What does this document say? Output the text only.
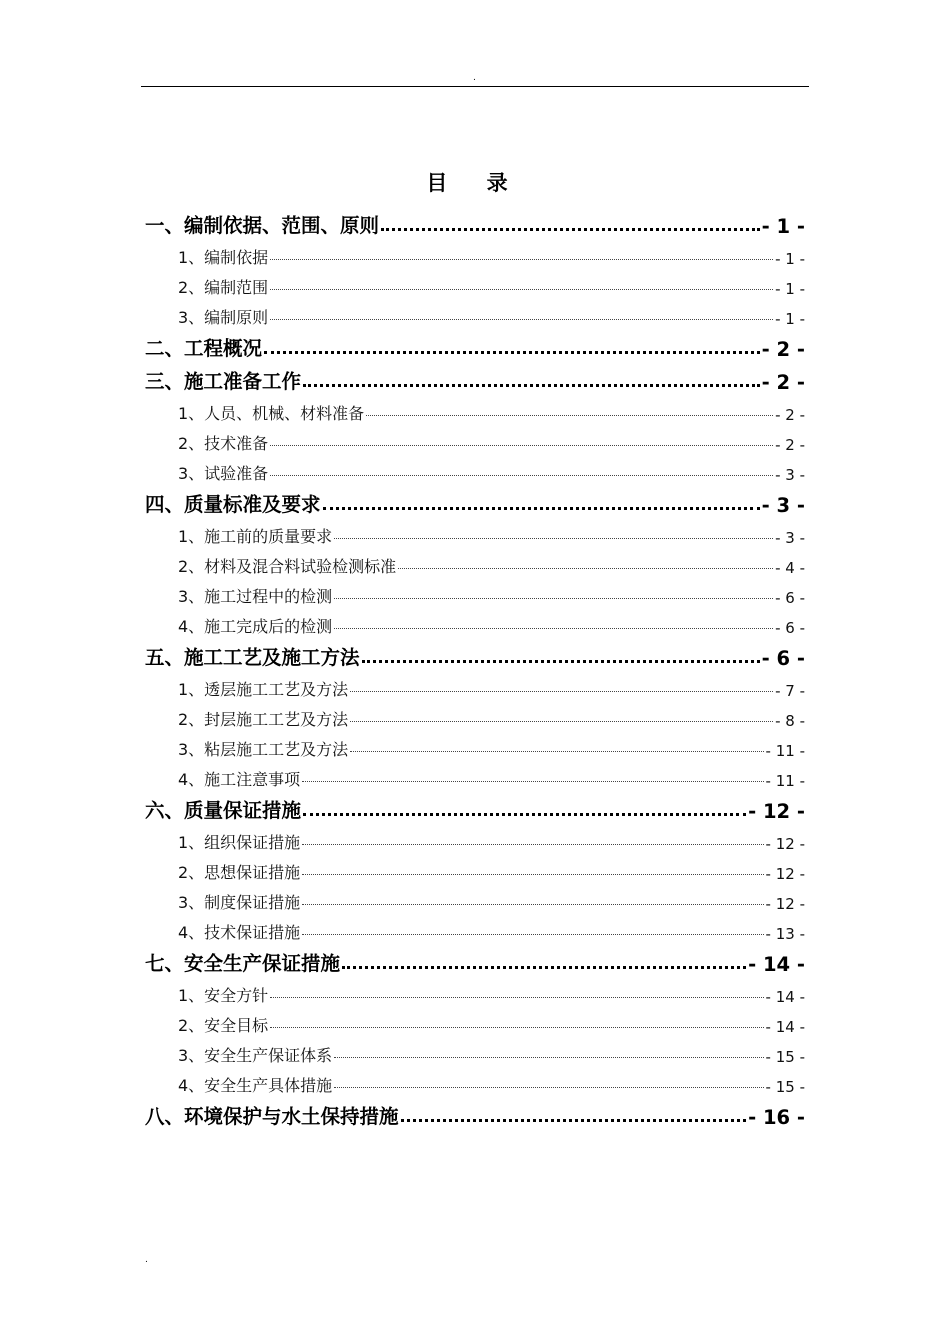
.
目 录
一、编制依据、范围、原则	- 1 -
1、编制依据	- 1 -
2、编制范围	- 1 -
3、编制原则	- 1 -
二、工程概况	- 2 -
三、施工准备工作	- 2 -
1、人员、机械、材料准备	- 2 -
2、技术准备	- 2 -
3、试验准备	- 3 -
四、质量标准及要求	- 3 -
1、施工前的质量要求	- 3 -
2、材料及混合料试验检测标准	- 4 -
3、施工过程中的检测	- 6 -
4、施工完成后的检测	- 6 -
五、施工工艺及施工方法	- 6 -
1、透层施工工艺及方法	- 7 -
2、封层施工工艺及方法	- 8 -
3、粘层施工工艺及方法	- 11 -
4、施工注意事项	- 11 -
六、质量保证措施	- 12 -
1、组织保证措施	- 12 -
2、思想保证措施	- 12 -
3、制度保证措施	- 12 -
4、技术保证措施	- 13 -
七、安全生产保证措施	- 14 -
1、安全方针	- 14 -
2、安全目标	- 14 -
3、安全生产保证体系	- 15 -
4、安全生产具体措施	- 15 -
八、环境保护与水土保持措施	- 16 -
.
